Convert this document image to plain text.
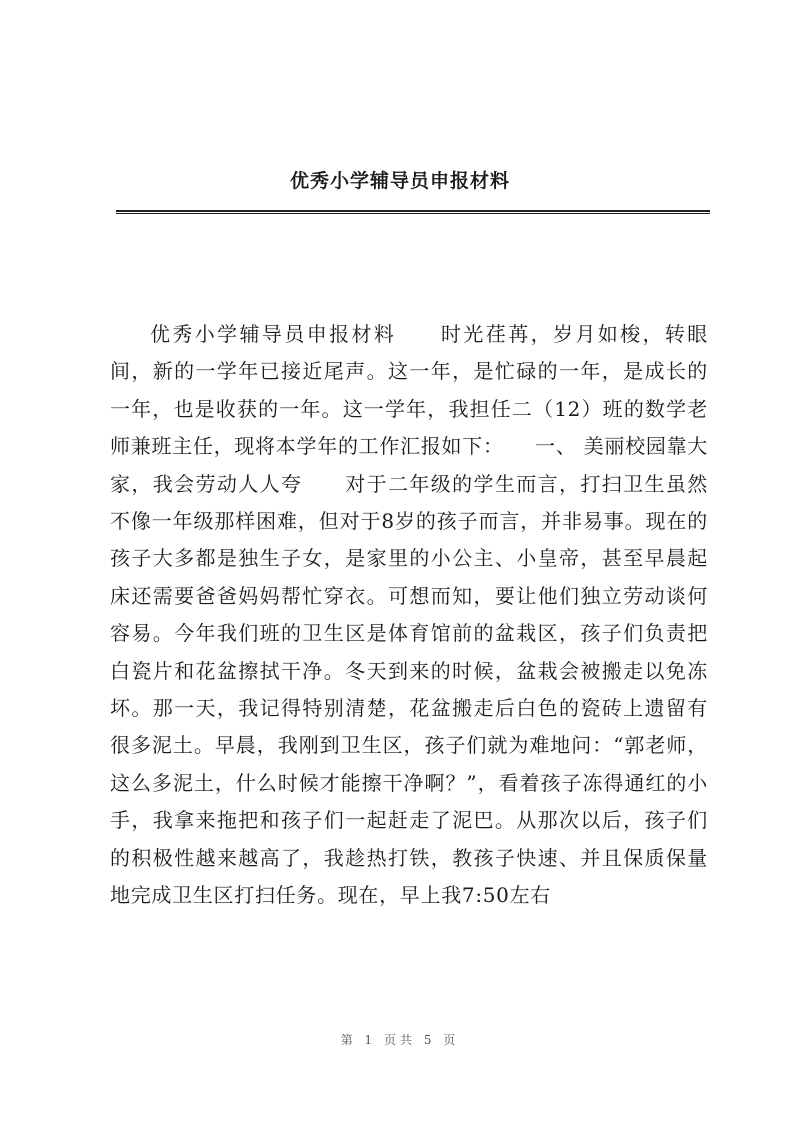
优秀小学辅导员申报材料

优秀小学辅导员申报材料　　时光荏苒，岁月如梭，转眼间，新的一学年已接近尾声。这一年，是忙碌的一年，是成长的一年，也是收获的一年。这一学年，我担任二（12）班的数学老师兼班主任，现将本学年的工作汇报如下：　　一、 美丽校园靠大家，我会劳动人人夸　　对于二年级的学生而言，打扫卫生虽然不像一年级那样困难，但对于8岁的孩子而言，并非易事。现在的孩子大多都是独生子女，是家里的小公主、小皇帝，甚至早晨起床还需要爸爸妈妈帮忙穿衣。可想而知，要让他们独立劳动谈何容易。今年我们班的卫生区是体育馆前的盆栽区，孩子们负责把白瓷片和花盆擦拭干净。冬天到来的时候，盆栽会被搬走以免冻坏。那一天，我记得特别清楚，花盆搬走后白色的瓷砖上遗留有很多泥土。早晨，我刚到卫生区，孩子们就为难地问：“郭老师，这么多泥土，什么时候才能擦干净啊？”，看着孩子冻得通红的小手，我拿来拖把和孩子们一起赶走了泥巴。从那次以后，孩子们的积极性越来越高了，我趁热打铁，教孩子快速、并且保质保量地完成卫生区打扫任务。现在，早上我7:50左右

第 1 页共 5 页
